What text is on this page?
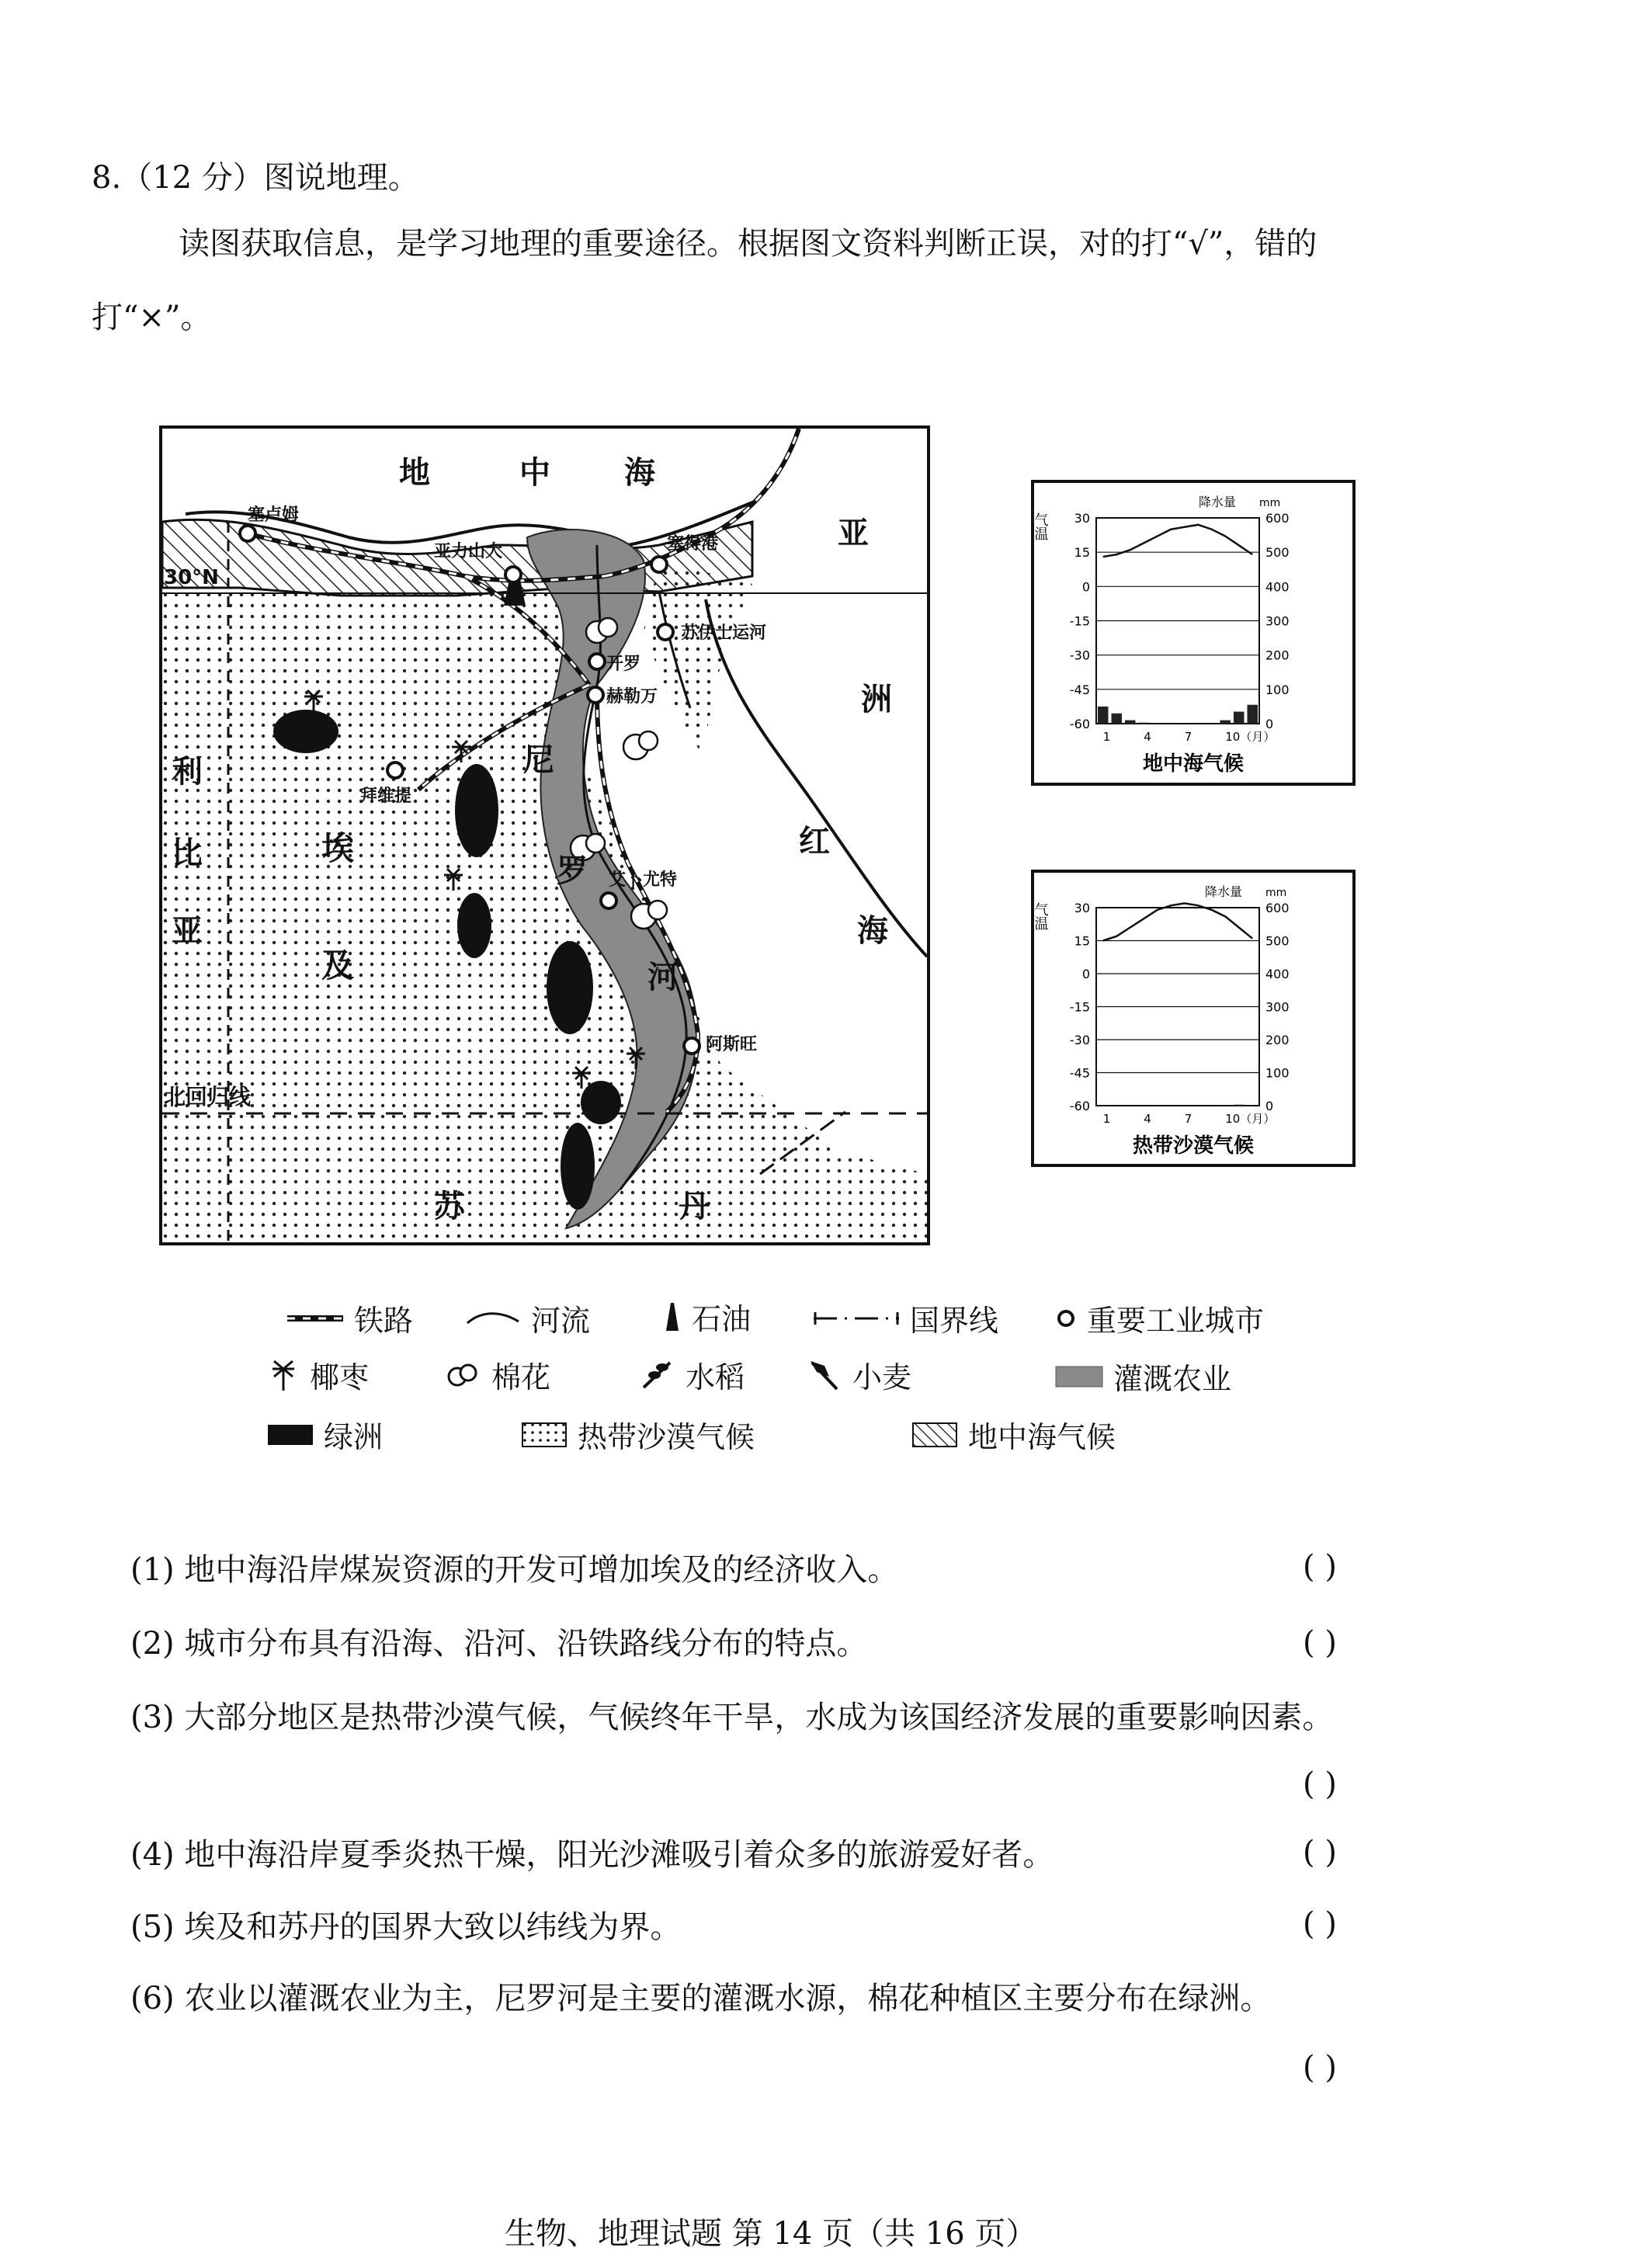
8.（12 分）图说地理。
读图获取信息，是学习地理的重要途径。根据图文资料判断正误，对的打“√”，错的
打“×”。
地	中 海
亚
洲
红
海
利
比
亚
埃
及
尼
罗
河
苏	丹
30°N
北回归线
塞卢姆
亚力山大	塞得港
苏伊士运河
开罗
赫勒万
拜维提
艾卜尤特
阿斯旺
气温
降水量 mm
30	600
15	500
0	400
-15	300
-30	200
-45	100
-60	0
1	4	7	10（月）
地中海气候
气温
降水量 mm
30	600
15	500
0	400
-15	300
-30	200
-45	100
-60	0
1	4	7	10（月）
热带沙漠气候
铁路	河流	石油	国界线	重要工业城市
椰枣	棉花	水稻	小麦	灌溉农业
绿洲	热带沙漠气候	地中海气候
(1) 地中海沿岸煤炭资源的开发可增加埃及的经济收入。	( )
(2) 城市分布具有沿海、沿河、沿铁路线分布的特点。	( )
(3) 大部分地区是热带沙漠气候，气候终年干旱，水成为该国经济发展的重要影响因素。
( )
(4) 地中海沿岸夏季炎热干燥，阳光沙滩吸引着众多的旅游爱好者。	( )
(5) 埃及和苏丹的国界大致以纬线为界。	( )
(6) 农业以灌溉农业为主，尼罗河是主要的灌溉水源，棉花种植区主要分布在绿洲。
( )
生物、地理试题 第 14 页（共 16 页）
